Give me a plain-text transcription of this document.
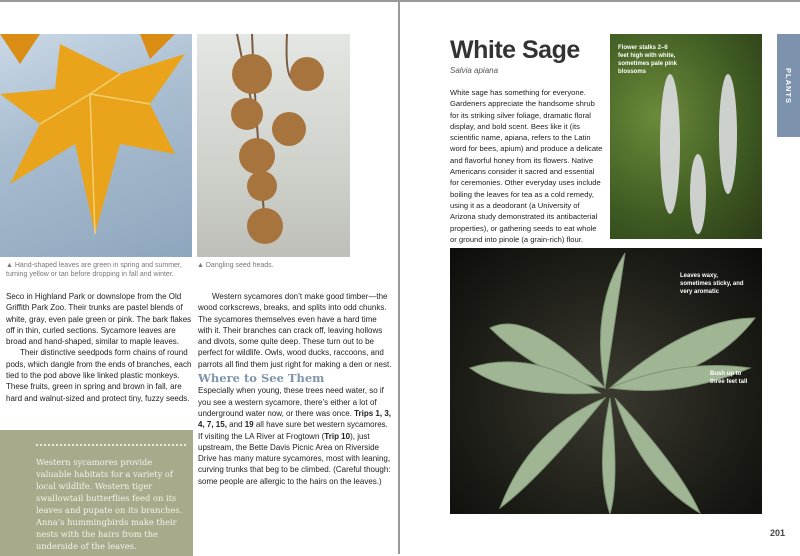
▲ Hand-shaped leaves are green in spring and summer, turning yellow or tan before dropping in fall and winter.
▲ Dangling seed heads.

Seco in Highland Park or downslope from the Old Griffith Park Zoo. Their trunks are pastel blends of white, gray, even pale green or pink. The bark flakes off in thin, curled sections. Sycamore leaves are broad and hand-shaped, similar to maple leaves.

Their distinctive seedpods form chains of round pods, which dangle from the ends of branches, each tied to the pod above like linked plastic monkeys. These fruits, green in spring and brown in fall, are hard and walnut-sized and protect tiny, fuzzy seeds.

Western sycamores don’t make good timber—the wood corkscrews, breaks, and splits into odd chunks. The sycamores themselves even have a hard time with it. Their branches can crack off, leaving hollows and divots, some quite deep. These turn out to be perfect for wildlife. Owls, wood ducks, raccoons, and parrots all find them just right for making a den or nest.

Where to See Them

Especially when young, these trees need water, so if you see a western sycamore, there’s either a lot of underground water now, or there was once. Trips 1, 3, 4, 7, 15, and 19 all have sure bet western sycamores. If visiting the LA River at Frogtown (Trip 10), just upstream, the Bette Davis Picnic Area on Riverside Drive has many mature sycamores, most with leaning, curving trunks that beg to be climbed. (Careful though: some people are allergic to the hairs on the leaves.)

Western sycamores provide valuable habitats for a variety of local wildlife. Western tiger swallowtail butterflies feed on its leaves and pupate on its branches. Anna’s hummingbirds make their nests with the hairs from the underside of the leaves.

White Sage
Salvia apiana
White sage has something for everyone. Gardeners appreciate the handsome shrub for its striking silver foliage, dramatic floral display, and bold scent. Bees like it (its scientific name, apiana, refers to the Latin word for bees, apium) and produce a delicate and flavorful honey from its flowers. Native Americans consider it sacred and essential for ceremonies. Other everyday uses include boiling the leaves for tea as a cold remedy, using it as a deodorant (a University of Arizona study demonstrated its antibacterial properties), or gathering seeds to eat whole or ground into pinole (a grain-rich) flour.
Flower stalks 2–6 feet high with white, sometimes pale pink blossoms	PLANTS
Leaves waxy, sometimes sticky, and very aromatic
Bush up to three feet tall
201
